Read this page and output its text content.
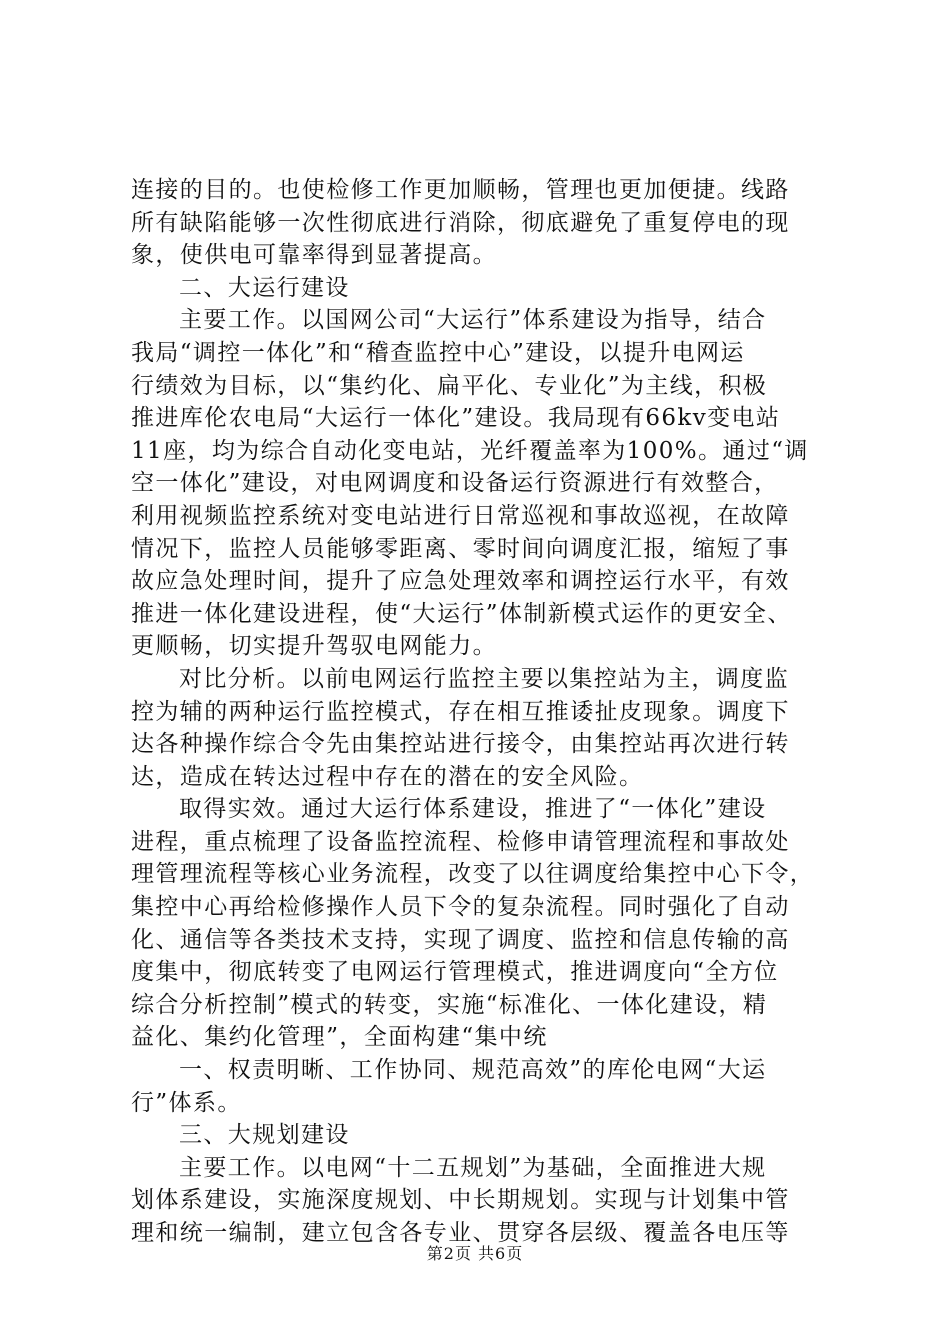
连接的目的。也使检修工作更加顺畅，管理也更加便捷。线路
所有缺陷能够一次性彻底进行消除，彻底避免了重复停电的现
象，使供电可靠率得到显著提高。
二、大运行建设
主要工作。以国网公司“大运行”体系建设为指导，结合
我局“调控一体化”和“稽查监控中心”建设，以提升电网运
行绩效为目标，以“集约化、扁平化、专业化”为主线，积极
推进库伦农电局“大运行一体化”建设。我局现有66kv变电站
11座，均为综合自动化变电站，光纤覆盖率为100%。通过“调
空一体化”建设，对电网调度和设备运行资源进行有效整合，
利用视频监控系统对变电站进行日常巡视和事故巡视，在故障
情况下，监控人员能够零距离、零时间向调度汇报，缩短了事
故应急处理时间，提升了应急处理效率和调控运行水平，有效
推进一体化建设进程，使“大运行”体制新模式运作的更安全、
更顺畅，切实提升驾驭电网能力。
对比分析。以前电网运行监控主要以集控站为主，调度监
控为辅的两种运行监控模式，存在相互推诿扯皮现象。调度下
达各种操作综合令先由集控站进行接令，由集控站再次进行转
达，造成在转达过程中存在的潜在的安全风险。
取得实效。通过大运行体系建设，推进了“一体化”建设
进程，重点梳理了设备监控流程、检修申请管理流程和事故处
理管理流程等核心业务流程，改变了以往调度给集控中心下令，
集控中心再给检修操作人员下令的复杂流程。同时强化了自动
化、通信等各类技术支持，实现了调度、监控和信息传输的高
度集中，彻底转变了电网运行管理模式，推进调度向“全方位
综合分析控制”模式的转变，实施“标准化、一体化建设，精
益化、集约化管理”，全面构建“集中统
一、权责明晰、工作协同、规范高效”的库伦电网“大运
行”体系。
三、大规划建设
主要工作。以电网“十二五规划”为基础，全面推进大规
划体系建设，实施深度规划、中长期规划。实现与计划集中管
理和统一编制，建立包含各专业、贯穿各层级、覆盖各电压等
第2页 共6页
